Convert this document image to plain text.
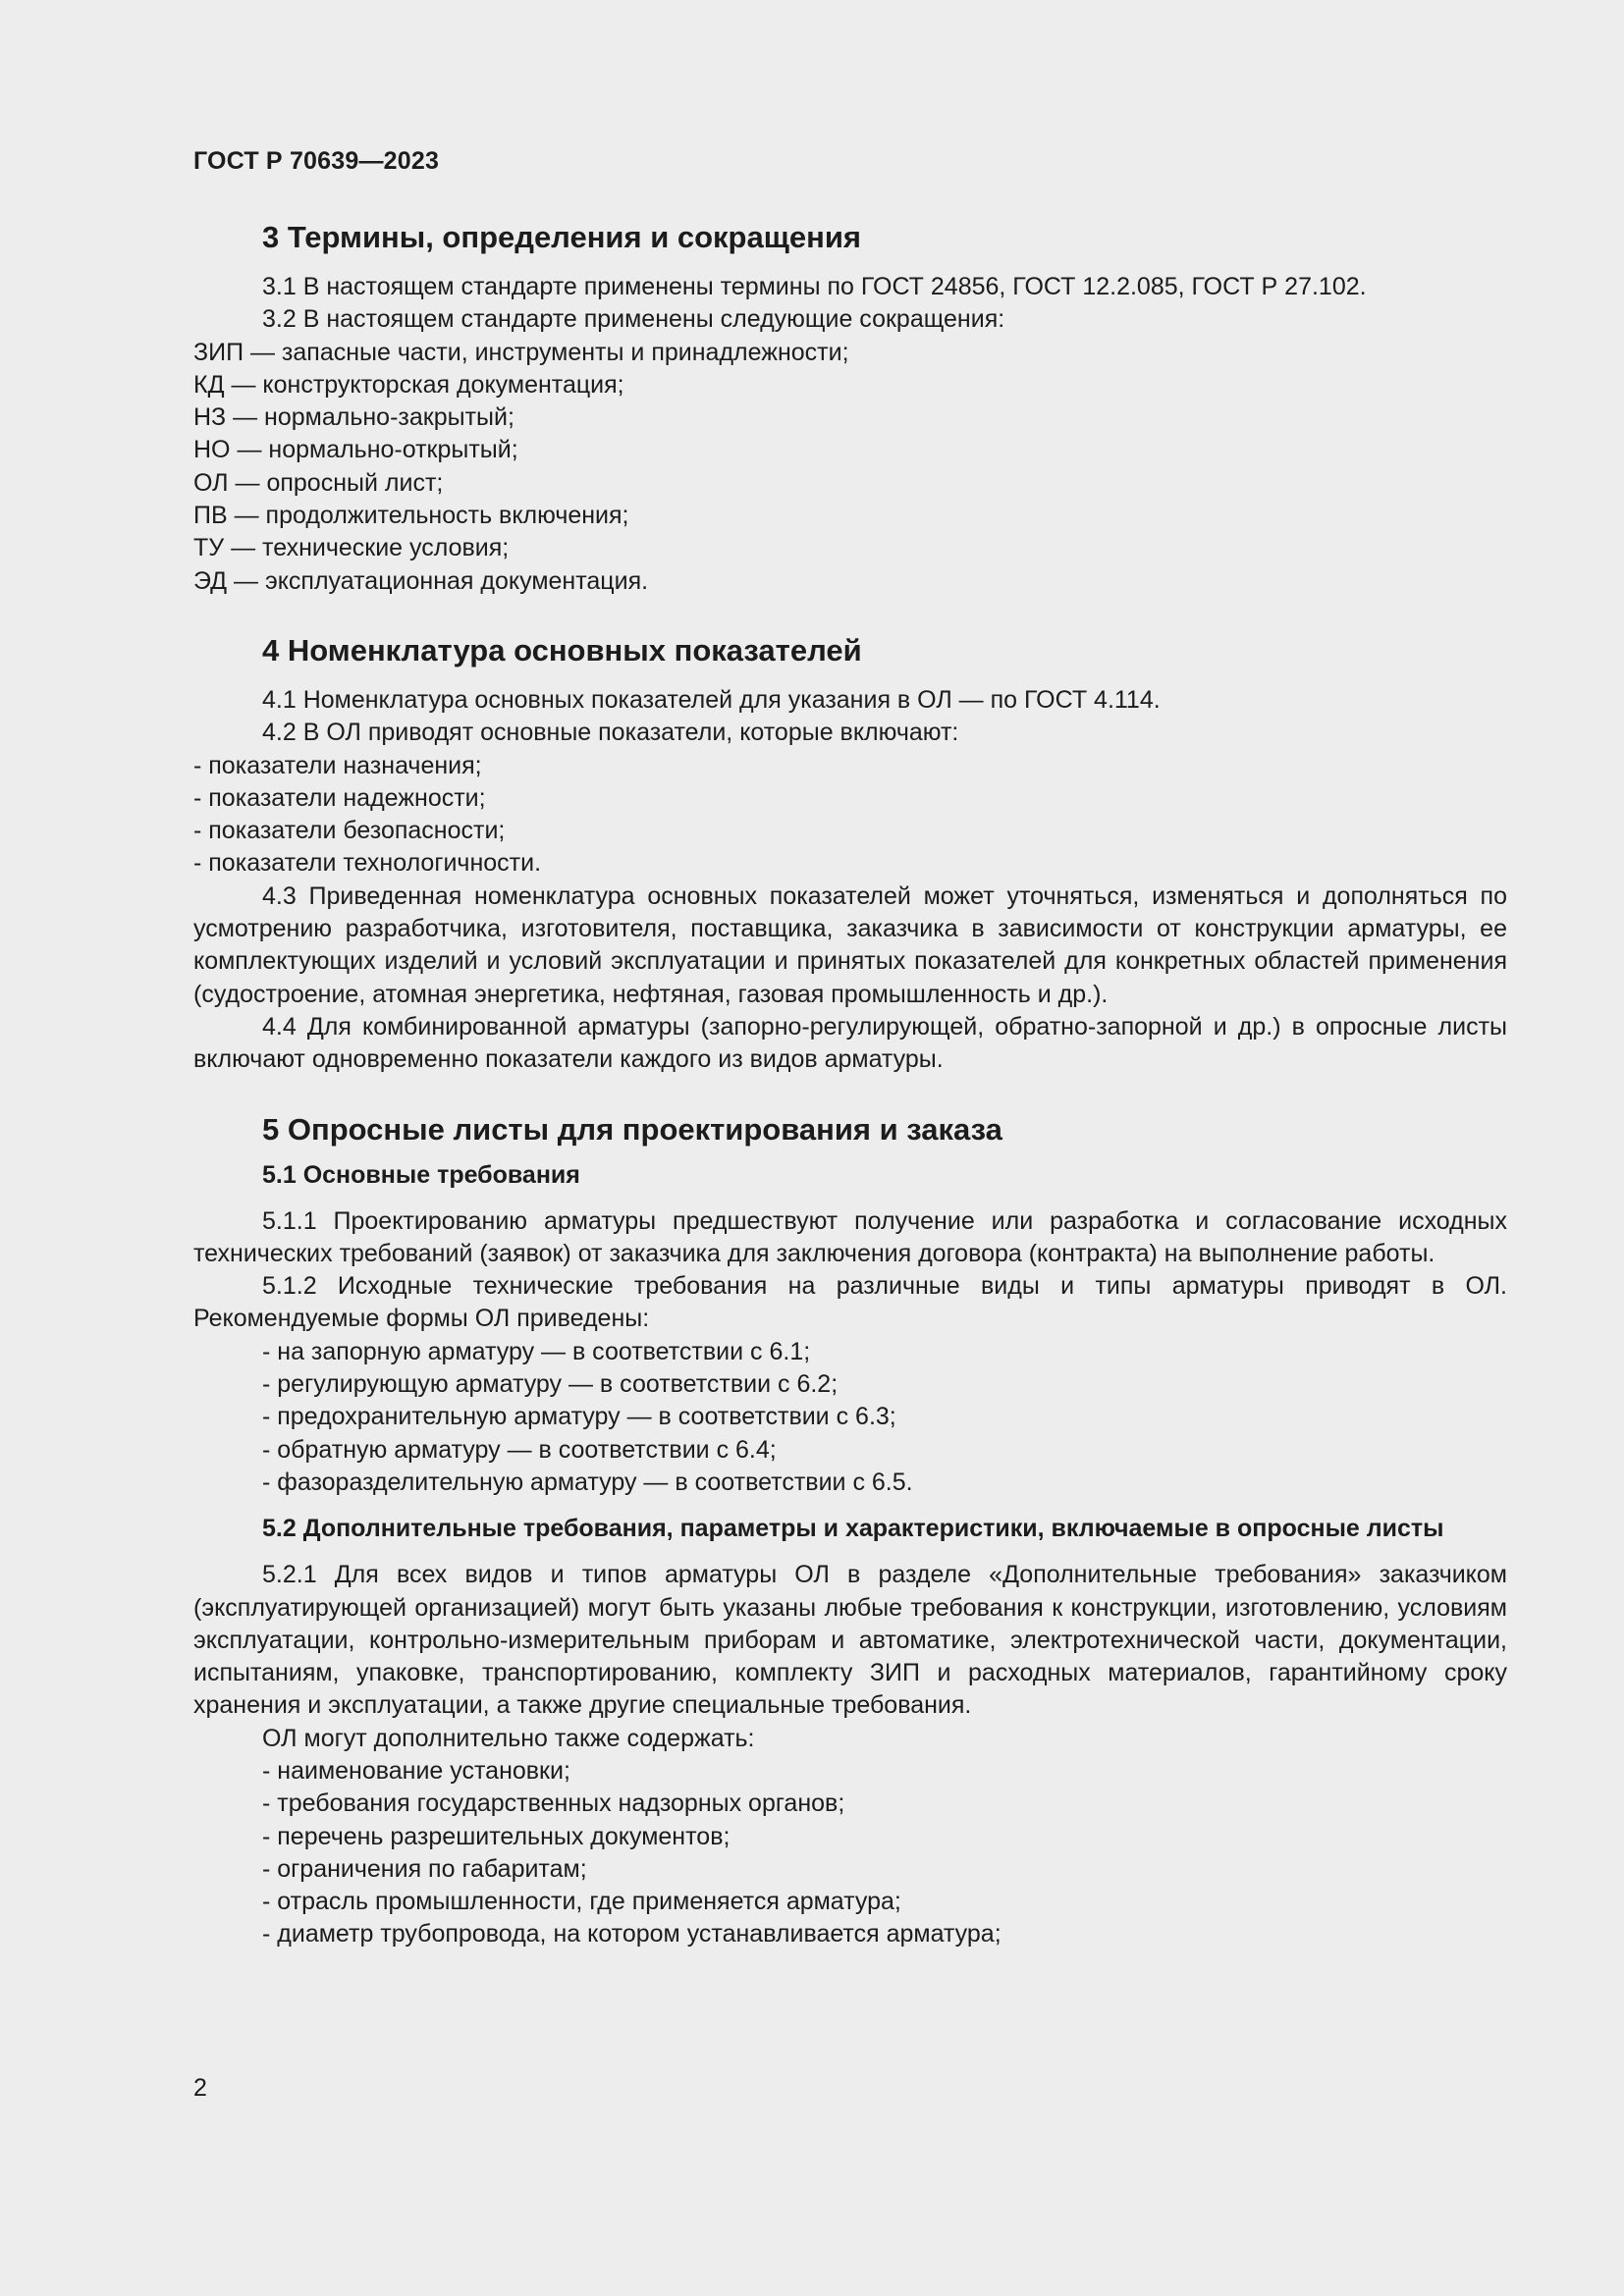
ГОСТ Р 70639—2023
3 Термины, определения и сокращения

3.1 В настоящем стандарте применены термины по ГОСТ 24856, ГОСТ 12.2.085, ГОСТ Р 27.102.

3.2 В настоящем стандарте применены следующие сокращения:

ЗИП — запасные части, инструменты и принадлежности;

КД — конструкторская документация;

НЗ — нормально-закрытый;

НО — нормально-открытый;

ОЛ — опросный лист;

ПВ — продолжительность включения;

ТУ — технические условия;

ЭД — эксплуатационная документация.

4 Номенклатура основных показателей

4.1 Номенклатура основных показателей для указания в ОЛ — по ГОСТ 4.114.

4.2 В ОЛ приводят основные показатели, которые включают:

- показатели назначения;

- показатели надежности;

- показатели безопасности;

- показатели технологичности.

4.3 Приведенная номенклатура основных показателей может уточняться, изменяться и дополняться по усмотрению разработчика, изготовителя, поставщика, заказчика в зависимости от конструкции арматуры, ее комплектующих изделий и условий эксплуатации и принятых показателей для конкретных областей применения (судостроение, атомная энергетика, нефтяная, газовая промышленность и др.).

4.4 Для комбинированной арматуры (запорно-регулирующей, обратно-запорной и др.) в опросные листы включают одновременно показатели каждого из видов арматуры.

5 Опросные листы для проектирования и заказа
5.1 Основные требования

5.1.1 Проектированию арматуры предшествуют получение или разработка и согласование исходных технических требований (заявок) от заказчика для заключения договора (контракта) на выполнение работы.

5.1.2 Исходные технические требования на различные виды и типы арматуры приводят в ОЛ. Рекомендуемые формы ОЛ приведены:

- на запорную арматуру — в соответствии с 6.1;

- регулирующую арматуру — в соответствии с 6.2;

- предохранительную арматуру — в соответствии с 6.3;

- обратную арматуру — в соответствии с 6.4;

- фазоразделительную арматуру — в соответствии с 6.5.

5.2 Дополнительные требования, параметры и характеристики, включаемые в опросные листы

5.2.1 Для всех видов и типов арматуры ОЛ в разделе «Дополнительные требования» заказчиком (эксплуатирующей организацией) могут быть указаны любые требования к конструкции, изготовлению, условиям эксплуатации, контрольно-измерительным приборам и автоматике, электротехнической части, документации, испытаниям, упаковке, транспортированию, комплекту ЗИП и расходных материалов, гарантийному сроку хранения и эксплуатации, а также другие специальные требования.

ОЛ могут дополнительно также содержать:

- наименование установки;

- требования государственных надзорных органов;

- перечень разрешительных документов;

- ограничения по габаритам;

- отрасль промышленности, где применяется арматура;

- диаметр трубопровода, на котором устанавливается арматура;

2
